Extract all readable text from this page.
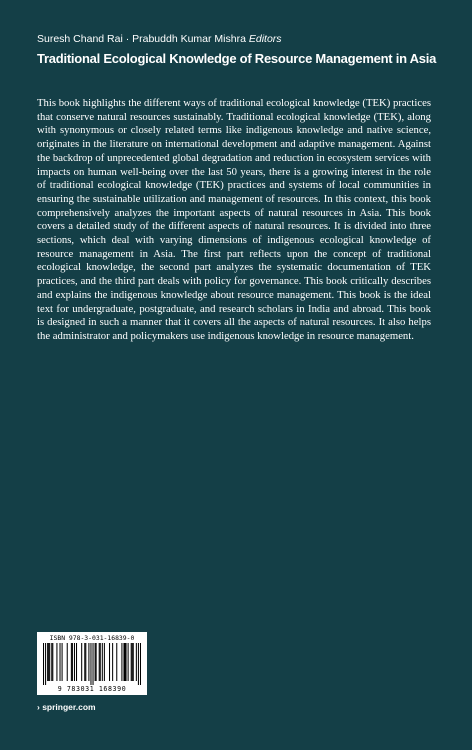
Suresh Chand Rai · Prabuddh Kumar Mishra Editors
Traditional Ecological Knowledge of Resource Management in Asia

This book highlights the different ways of traditional ecological knowledge (TEK) practices that conserve natural resources sustainably. Traditional ecological knowledge (TEK), along with synonymous or closely related terms like indigenous knowledge and native science, originates in the literature on international development and adaptive management. Against the backdrop of unprecedented global degradation and reduction in ecosystem services with impacts on human well-being over the last 50 years, there is a growing interest in the role of traditional ecological knowledge (TEK) practices and systems of local communities in ensuring the sustainable utilization and management of resources. In this context, this book comprehensively analyzes the important aspects of natural resources in Asia. This book covers a detailed study of the different aspects of natural resources. It is divided into three sections, which deal with varying dimensions of indigenous ecological knowledge of resource management in Asia. The first part reflects upon the concept of traditional ecological knowledge, the second part analyzes the systematic documentation of TEK practices, and the third part deals with policy for governance. This book critically describes and explains the indigenous knowledge about resource management. This book is the ideal text for undergraduate, postgraduate, and research scholars in India and abroad. This book is designed in such a manner that it covers all the aspects of natural resources. It also helps the administrator and policymakers use indigenous knowledge in resource management.

ISBN 978-3-031-16839-0
9 783031 168390
› springer.com
